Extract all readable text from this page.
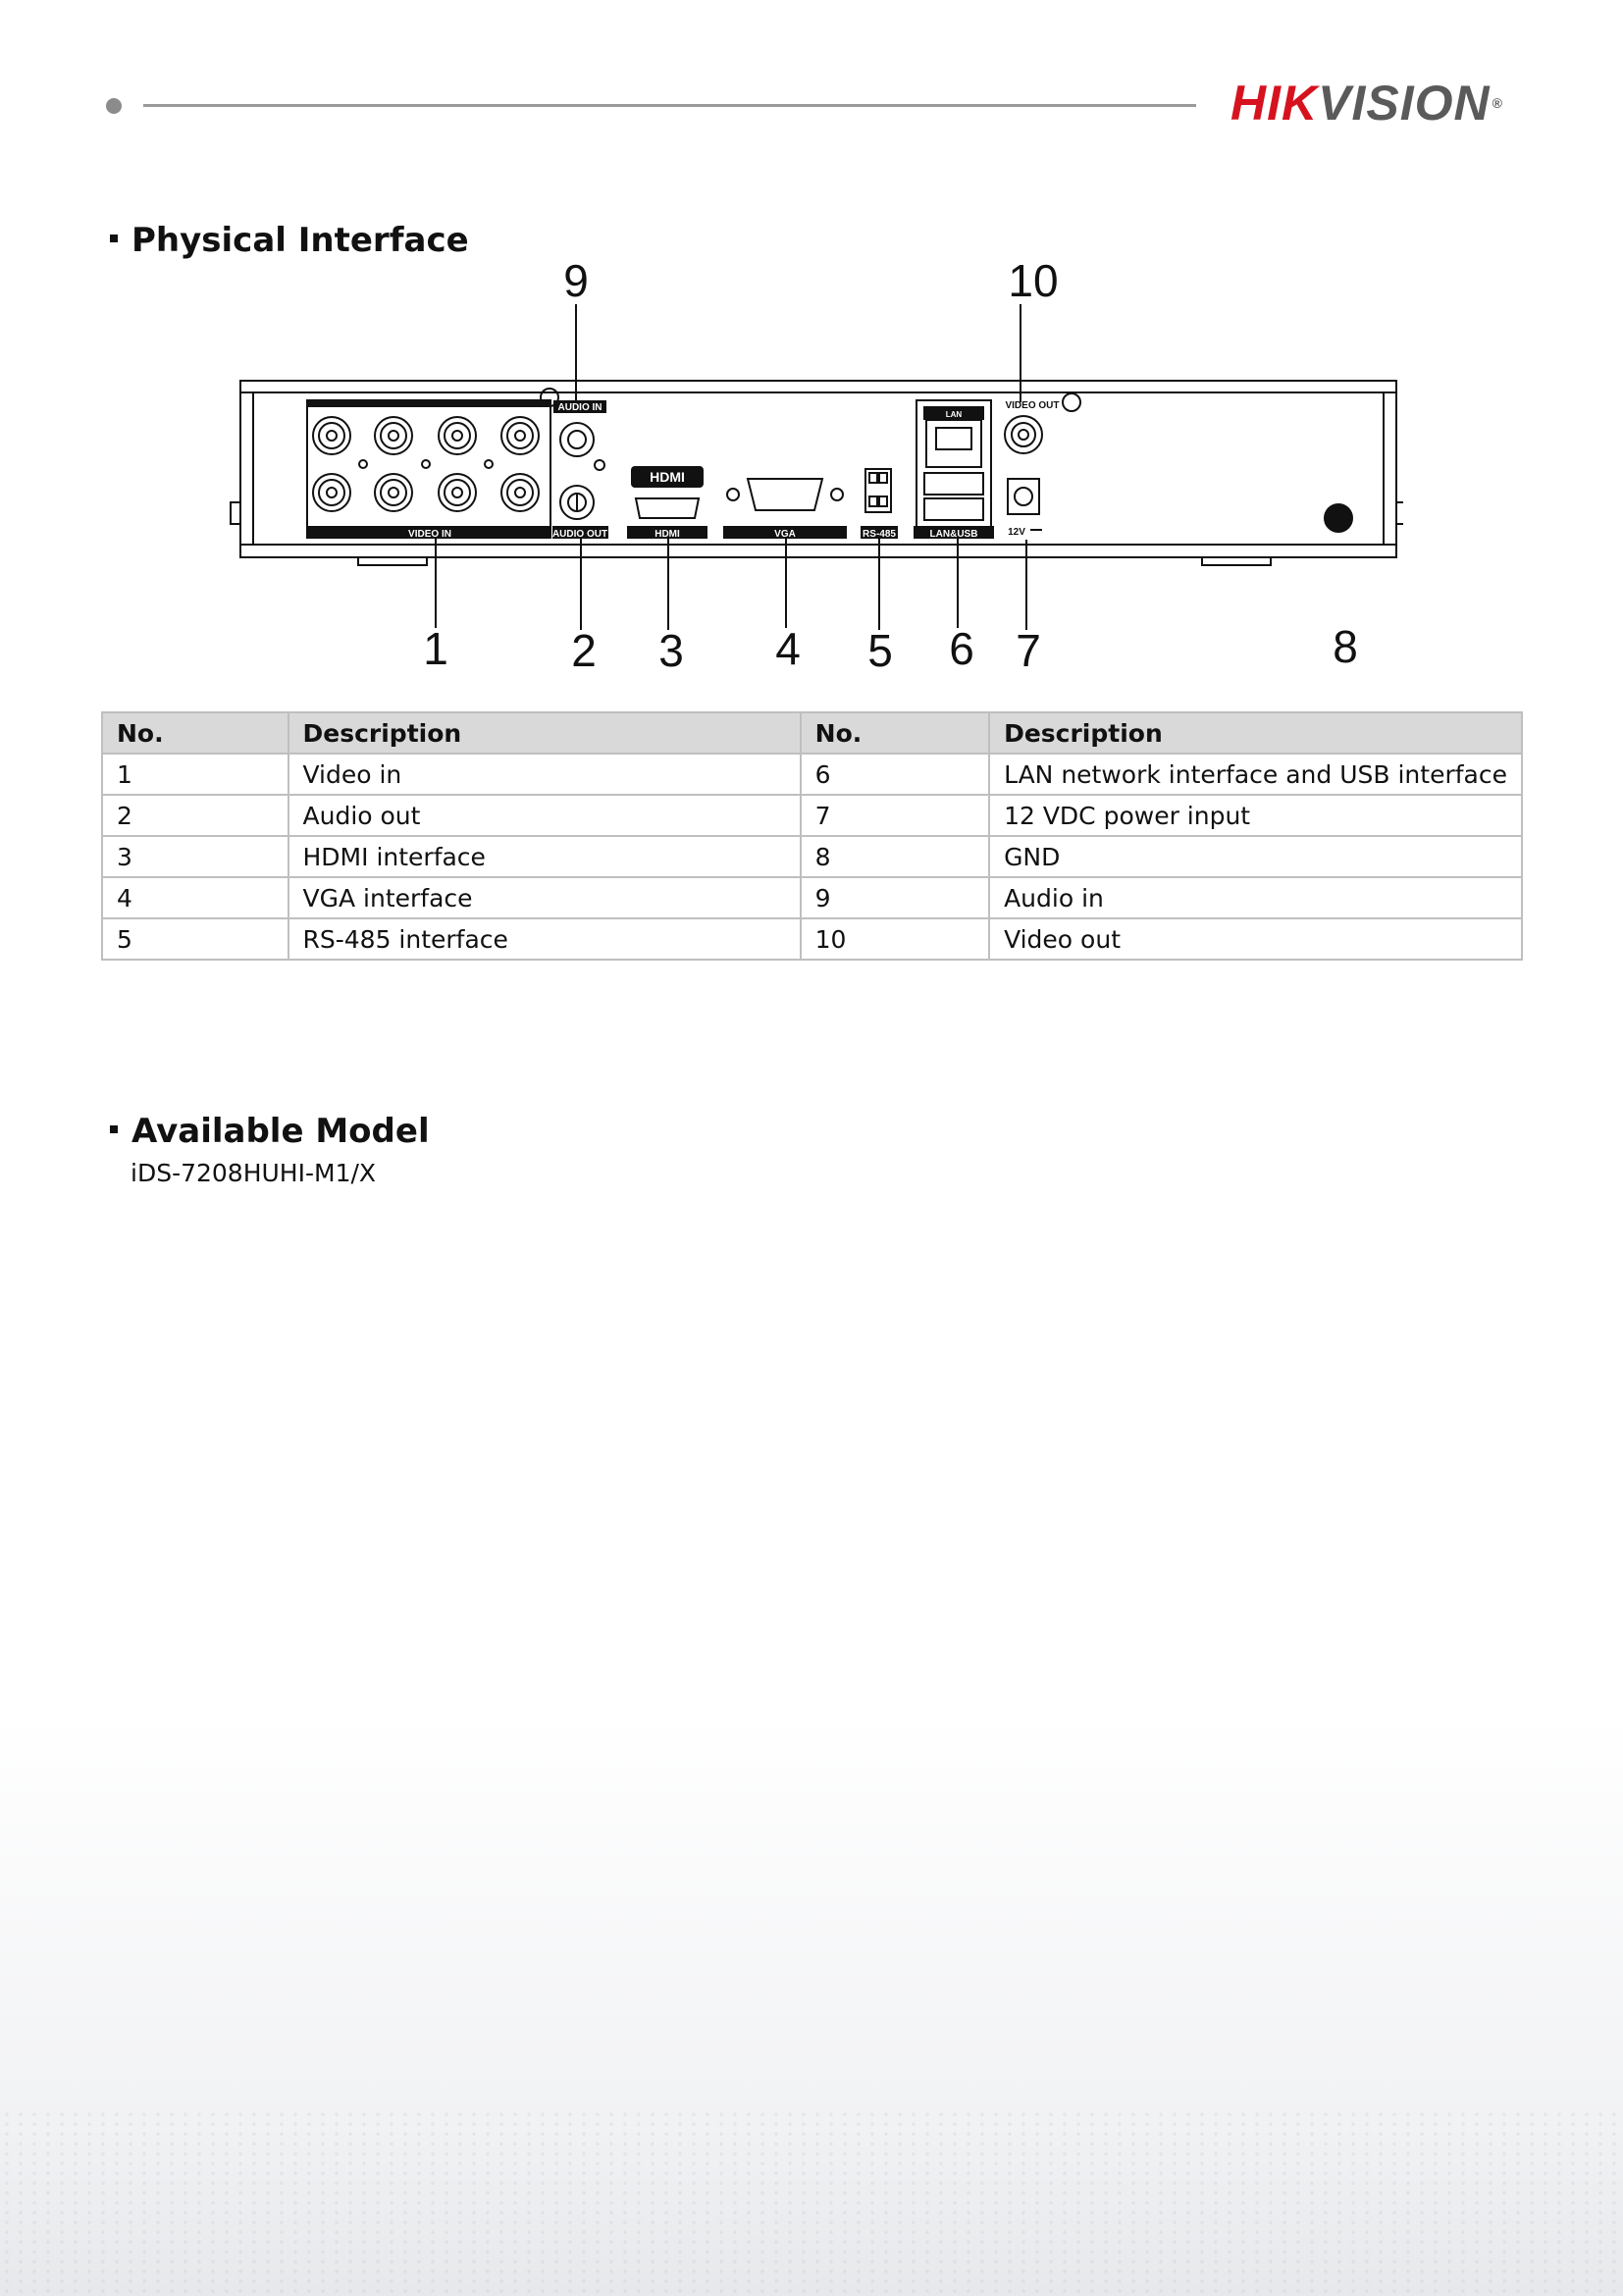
HIKVISION ®
Physical Interface
VIDEO IN
AUDIO IN
AUDIO OUT
HDMI
HDMI	VGA	RS-485	LAN&USB
LAN
VIDEO OUT
12V
9	10
1	2 3 4 5 6 7	8
No.	Description	No.	Description
1	Video in	6	LAN network interface and USB interface
2	Audio out	7	12 VDC power input
3	HDMI interface	8	GND
4	VGA interface	9	Audio in
5	RS-485 interface	10	Video out
Available Model
iDS-7208HUHI-M1/X
